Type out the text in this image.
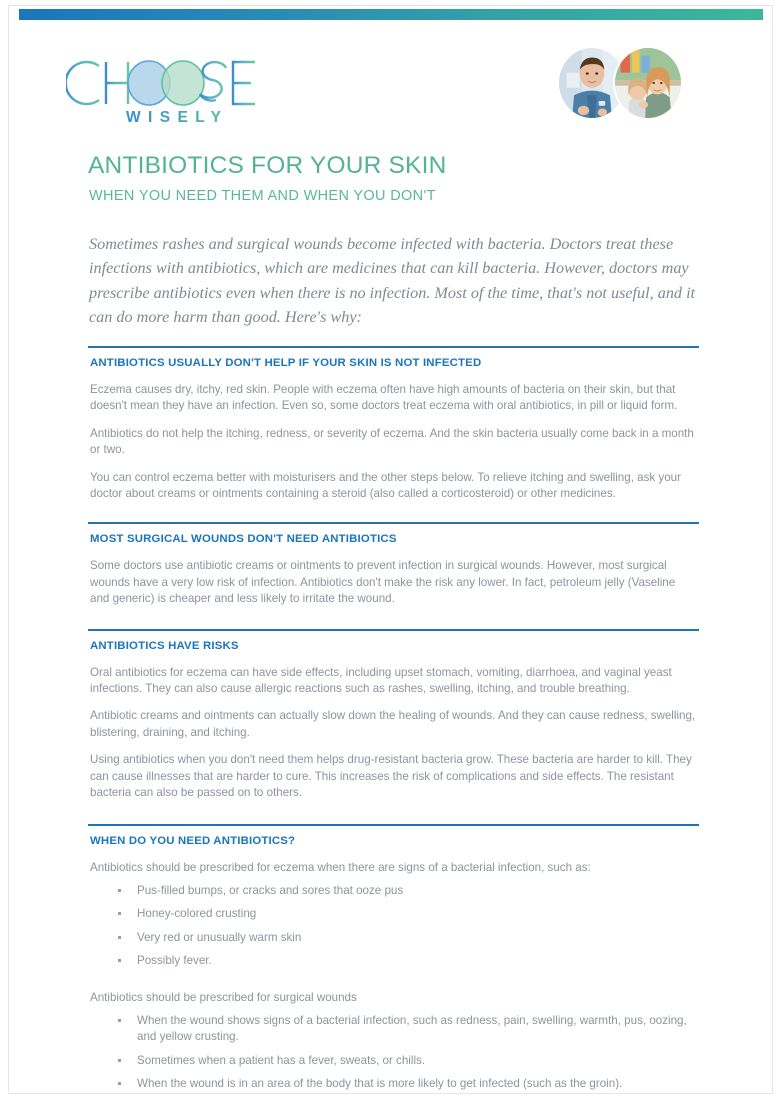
WISELY
ANTIBIOTICS FOR YOUR SKIN
WHEN YOU NEED THEM AND WHEN YOU DON'T
Sometimes rashes and surgical wounds become infected with bacteria. Doctors treat these infections with antibiotics, which are medicines that can kill bacteria. However, doctors may prescribe antibiotics even when there is no infection. Most of the time, that's not useful, and it can do more harm than good. Here's why:
ANTIBIOTICS USUALLY DON'T HELP IF YOUR SKIN IS NOT INFECTED

Eczema causes dry, itchy, red skin. People with eczema often have high amounts of bacteria on their skin, but that doesn't mean they have an infection. Even so, some doctors treat eczema with oral antibiotics, in pill or liquid form.

Antibiotics do not help the itching, redness, or severity of eczema. And the skin bacteria usually come back in a month or two.

You can control eczema better with moisturisers and the other steps below. To relieve itching and swelling, ask your doctor about creams or ointments containing a steroid (also called a corticosteroid) or other medicines.

MOST SURGICAL WOUNDS DON'T NEED ANTIBIOTICS

Some doctors use antibiotic creams or ointments to prevent infection in surgical wounds. However, most surgical wounds have a very low risk of infection. Antibiotics don't make the risk any lower. In fact, petroleum jelly (Vaseline and generic) is cheaper and less likely to irritate the wound.

ANTIBIOTICS HAVE RISKS

Oral antibiotics for eczema can have side effects, including upset stomach, vomiting, diarrhoea, and vaginal yeast infections. They can also cause allergic reactions such as rashes, swelling, itching, and trouble breathing.

Antibiotic creams and ointments can actually slow down the healing of wounds. And they can cause redness, swelling, blistering, draining, and itching.

Using antibiotics when you don't need them helps drug-resistant bacteria grow. These bacteria are harder to kill. They can cause illnesses that are harder to cure. This increases the risk of complications and side effects. The resistant bacteria can also be passed on to others.

WHEN DO YOU NEED ANTIBIOTICS?

Antibiotics should be prescribed for eczema when there are signs of a bacterial infection, such as:

Pus-filled bumps, or cracks and sores that ooze pus
Honey-colored crusting
Very red or unusually warm skin
Possibly fever.

Antibiotics should be prescribed for surgical wounds

When the wound shows signs of a bacterial infection, such as redness, pain, swelling, warmth, pus, oozing, and yellow crusting.
Sometimes when a patient has a fever, sweats, or chills.
When the wound is in an area of the body that is more likely to get infected (such as the groin).
